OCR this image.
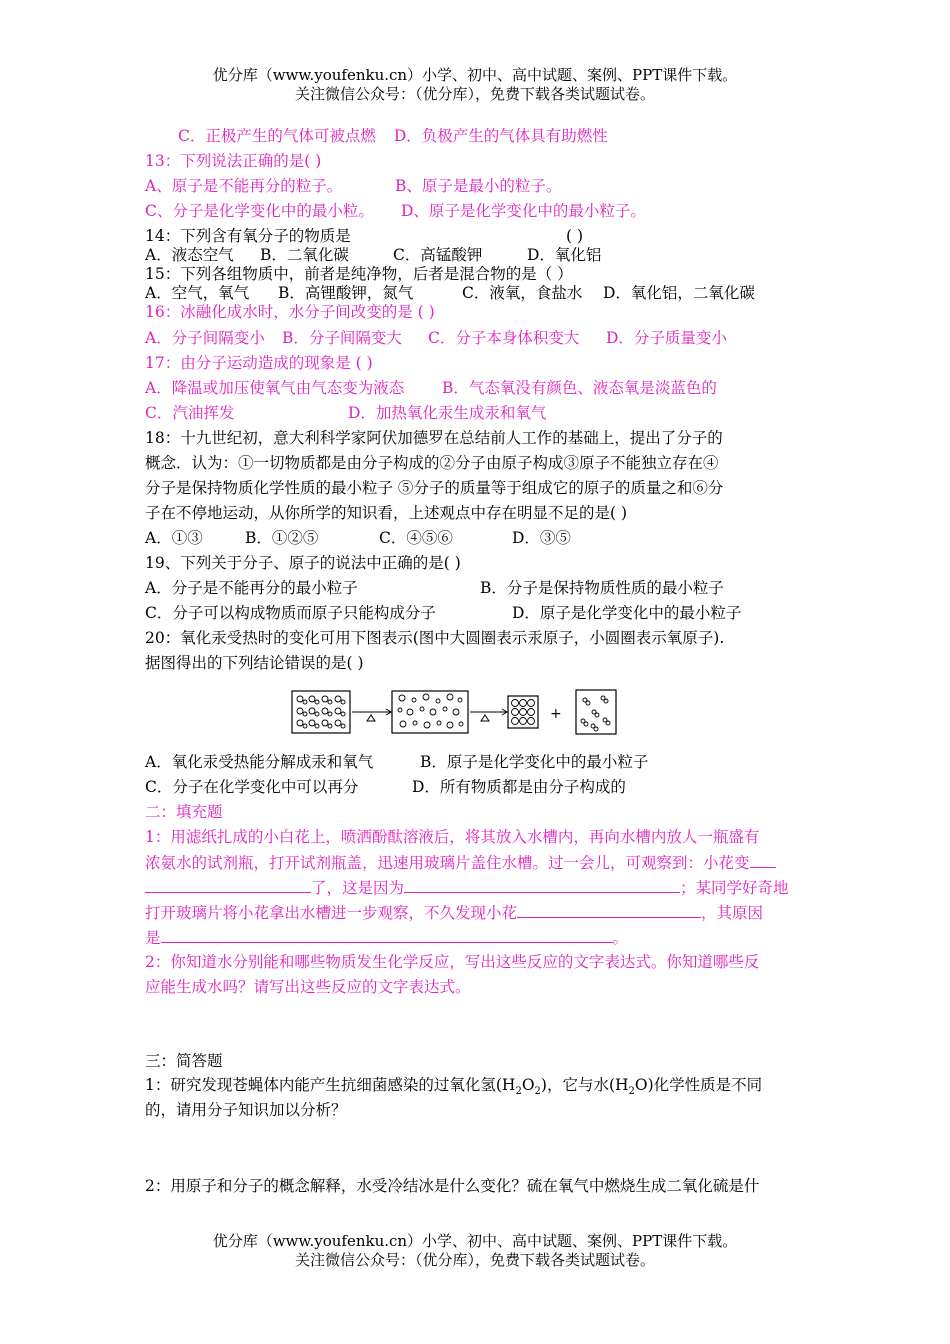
优分库（www.youfenku.cn）小学、初中、高中试题、案例、PPT课件下载。
关注微信公众号：（优分库），免费下载各类试题试卷。
C．正极产生的气体可被点燃 D．负极产生的气体具有助燃性
13：下列说法正确的是( )
A、原子是不能再分的粒子。	B、原子是最小的粒子。
C、分子是化学变化中的最小粒。 D、原子是化学变化中的最小粒子。
14：下列含有氧分子的物质是	( )
A．液态空气 B．二氧化碳	C．高锰酸钾	D．氧化铝
15：下列各组物质中，前者是纯净物，后者是混合物的是（ ）
A．空气，氧气 B．高锂酸钾，氮气	C．液氧，食盐水 D．氧化铝，二氧化碳
16：冰融化成水时，水分子间改变的是 ( )
A．分子间隔变小 B．分子间隔变大 C．分子本身体积变大 D．分子质量变小
17：由分子运动造成的现象是 ( )
A．降温或加压使氧气由气态变为液态 B．气态氧没有颜色、液态氧是淡蓝色的
C．汽油挥发	D．加热氧化汞生成汞和氧气
18：十九世纪初，意大利科学家阿伏加德罗在总结前人工作的基础上，提出了分子的
概念．认为：①一切物质都是由分子构成的②分子由原子构成③原子不能独立存在④
分子是保持物质化学性质的最小粒子 ⑤分子的质量等于组成它的原子的质量之和⑥分
子在不停地运动，从你所学的知识看，上述观点中存在明显不足的是( )
A．①③	B．①②⑤	C．④⑤⑥	D．③⑤
19、下列关于分子、原子的说法中正确的是( )
A．分子是不能再分的最小粒子	B．分子是保持物质性质的最小粒子
C．分子可以构成物质而原子只能构成分子	D．原子是化学变化中的最小粒子
20：氧化汞受热时的变化可用下图表示(图中大圆圈表示汞原子，小圆圈表示氧原子).
据图得出的下列结论错误的是( )
+
A．氧化汞受热能分解成汞和氧气	B．原子是化学变化中的最小粒子
C．分子在化学变化中可以再分	D．所有物质都是由分子构成的
二：填充题
1：用滤纸扎成的小白花上，喷洒酚酞溶液后，将其放入水槽内，再向水槽内放人一瓶盛有
浓氨水的试剂瓶，打开试剂瓶盖，迅速用玻璃片盖住水槽。过一会儿，可观察到：小花变
了，这是因为	；某同学好奇地
打开玻璃片将小花拿出水槽进一步观察，不久发现小花	，其原因
是	。
2：你知道水分别能和哪些物质发生化学反应，写出这些反应的文字表达式。你知道哪些反
应能生成水吗？请写出这些反应的文字表达式。
三：简答题
1：研究发现苍蝇体内能产生抗细菌感染的过氧化氢$(H_2O_2)$，它与水$(H_2O)$化学性质是不同
的，请用分子知识加以分析？
2：用原子和分子的概念解释，水受冷结冰是什么变化？硫在氧气中燃烧生成二氧化硫是什
优分库（www.youfenku.cn）小学、初中、高中试题、案例、PPT课件下载。
关注微信公众号：（优分库），免费下载各类试题试卷。
